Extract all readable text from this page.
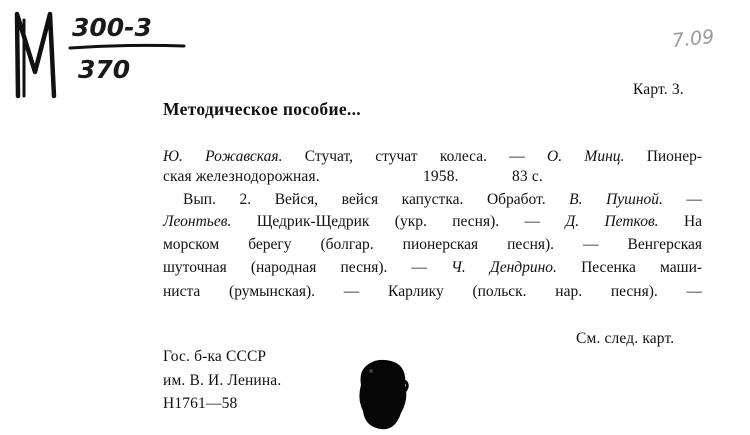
300-3
370
7.09
Карт. 3.
Методическое пособие...
Ю. Рожавская. Стучат, стучат колеса. — О. Минц. Пионер-
ская железнодорожная.	1958.	83 с.
Вып. 2. Вейся, вейся капустка. Обработ. В. Пушной. —
Леонтьев. Щедрик-Щедрик (укр. песня). — Д. Петков. На
морском берегу (болгар. пионерская песня). — Венгерская
шуточная (народная песня). — Ч. Дендрино. Песенка маши-
ниста (румынская). — Карлику (польск. нар. песня). —
См. след. карт.
Гос. б-ка СССР
им. В. И. Ленина.
Н1761—58
